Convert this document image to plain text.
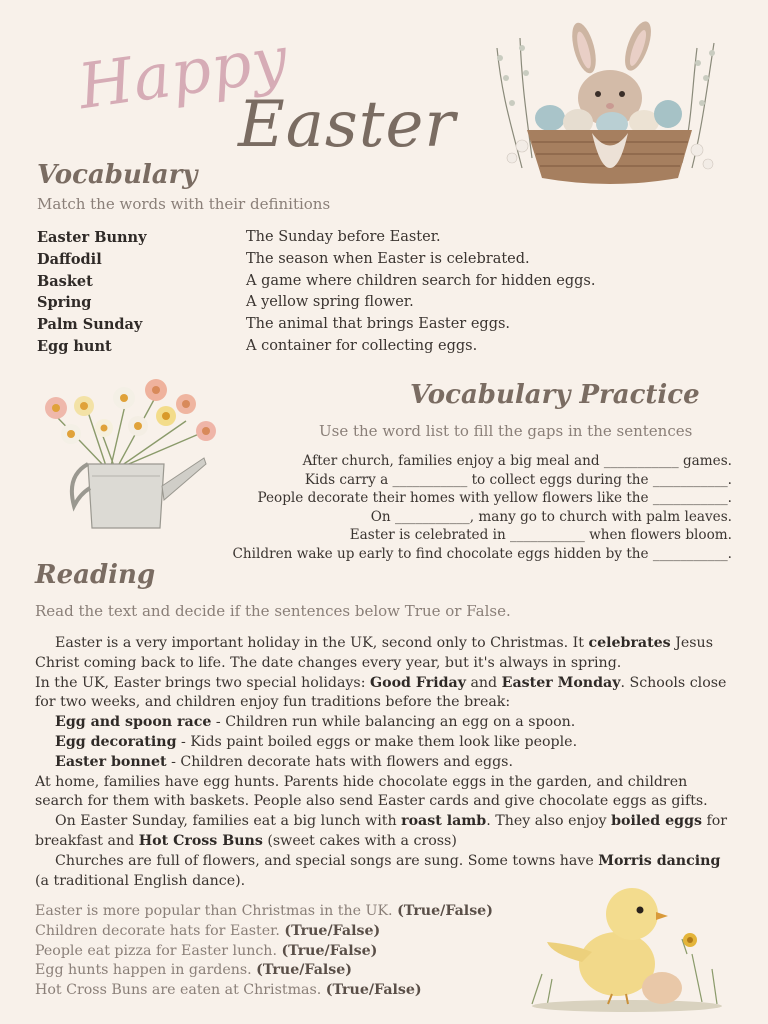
Happy
Easter
Vocabulary
Match the words with their definitions
Easter Bunny	The Sunday before Easter.
Daffodil	The season when Easter is celebrated.
Basket	A game where children search for hidden eggs.
Spring	A yellow spring flower.
Palm Sunday	The animal that brings Easter eggs.
Egg hunt	A container for collecting eggs.
Vocabulary Practice
Use the word list to fill the gaps in the sentences
After church, families enjoy a big meal and ___________ games.
Kids carry a ___________ to collect eggs during the ___________.
People decorate their homes with yellow flowers like the ___________.
On ___________, many go to church with palm leaves.
Easter is celebrated in ___________ when flowers bloom.
Children wake up early to find chocolate eggs hidden by the ___________.
Reading
Read the text and decide if the sentences below True or False.

Easter is a very important holiday in the UK, second only to Christmas. It celebrates Jesus Christ coming back to life. The date changes every year, but it's always in spring.

In the UK, Easter brings two special holidays: Good Friday and Easter Monday. Schools close for two weeks, and children enjoy fun traditions before the break:

Egg and spoon race - Children run while balancing an egg on a spoon.

Egg decorating - Kids paint boiled eggs or make them look like people.

Easter bonnet - Children decorate hats with flowers and eggs.

At home, families have egg hunts. Parents hide chocolate eggs in the garden, and children search for them with baskets. People also send Easter cards and give chocolate eggs as gifts.

On Easter Sunday, families eat a big lunch with roast lamb. They also enjoy boiled eggs for breakfast and Hot Cross Buns (sweet cakes with a cross)

Churches are full of flowers, and special songs are sung. Some towns have Morris dancing (a traditional English dance).

Easter is more popular than Christmas in the UK. (True/False)
Children decorate hats for Easter. (True/False)
People eat pizza for Easter lunch. (True/False)
Egg hunts happen in gardens. (True/False)
Hot Cross Buns are eaten at Christmas. (True/False)
